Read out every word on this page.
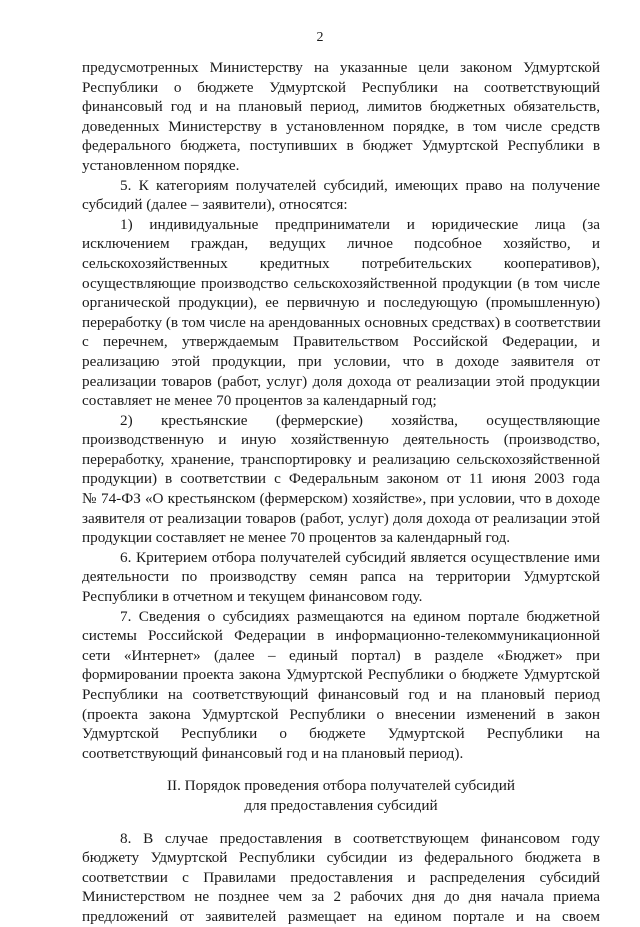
2
предусмотренных Министерству на указанные цели законом Удмуртской
Республики о бюджете Удмуртской Республики на соответствующий
финансовый год и на плановый период, лимитов бюджетных обязательств,
доведенных Министерству в установленном порядке, в том числе средств
федерального бюджета, поступивших в бюджет Удмуртской Республики в
установленном порядке.
5. К категориям получателей субсидий, имеющих право на получение
субсидий (далее – заявители), относятся:
1) индивидуальные предприниматели и юридические лица (за
исключением граждан, ведущих личное подсобное хозяйство, и
сельскохозяйственных кредитных потребительских кооперативов),
осуществляющие производство сельскохозяйственной продукции (в том числе
органической продукции), ее первичную и последующую (промышленную)
переработку (в том числе на арендованных основных средствах) в соответствии
с перечнем, утверждаемым Правительством Российской Федерации, и
реализацию этой продукции, при условии, что в доходе заявителя от
реализации товаров (работ, услуг) доля дохода от реализации этой продукции
составляет не менее 70 процентов за календарный год;
2) крестьянские (фермерские) хозяйства, осуществляющие
производственную и иную хозяйственную деятельность (производство,
переработку, хранение, транспортировку и реализацию сельскохозяйственной
продукции) в соответствии с Федеральным законом от 11 июня 2003 года
№ 74-ФЗ «О крестьянском (фермерском) хозяйстве», при условии, что в доходе
заявителя от реализации товаров (работ, услуг) доля дохода от реализации этой
продукции составляет не менее 70 процентов за календарный год.
6. Критерием отбора получателей субсидий является осуществление ими
деятельности по производству семян рапса на территории Удмуртской
Республики в отчетном и текущем финансовом году.
7. Сведения о субсидиях размещаются на едином портале бюджетной
системы Российской Федерации в информационно-телекоммуникационной
сети «Интернет» (далее – единый портал) в разделе «Бюджет» при
формировании проекта закона Удмуртской Республики о бюджете Удмуртской
Республики на соответствующий финансовый год и на плановый период
(проекта закона Удмуртской Республики о внесении изменений в закон
Удмуртской Республики о бюджете Удмуртской Республики на
соответствующий финансовый год и на плановый период).
II. Порядок проведения отбора получателей субсидий
для предоставления субсидий
8. В случае предоставления в соответствующем финансовом году
бюджету Удмуртской Республики субсидии из федерального бюджета в
соответствии с Правилами предоставления и распределения субсидий
Министерством не позднее чем за 2 рабочих дня до дня начала приема
предложений от заявителей размещает на едином портале и на своем
